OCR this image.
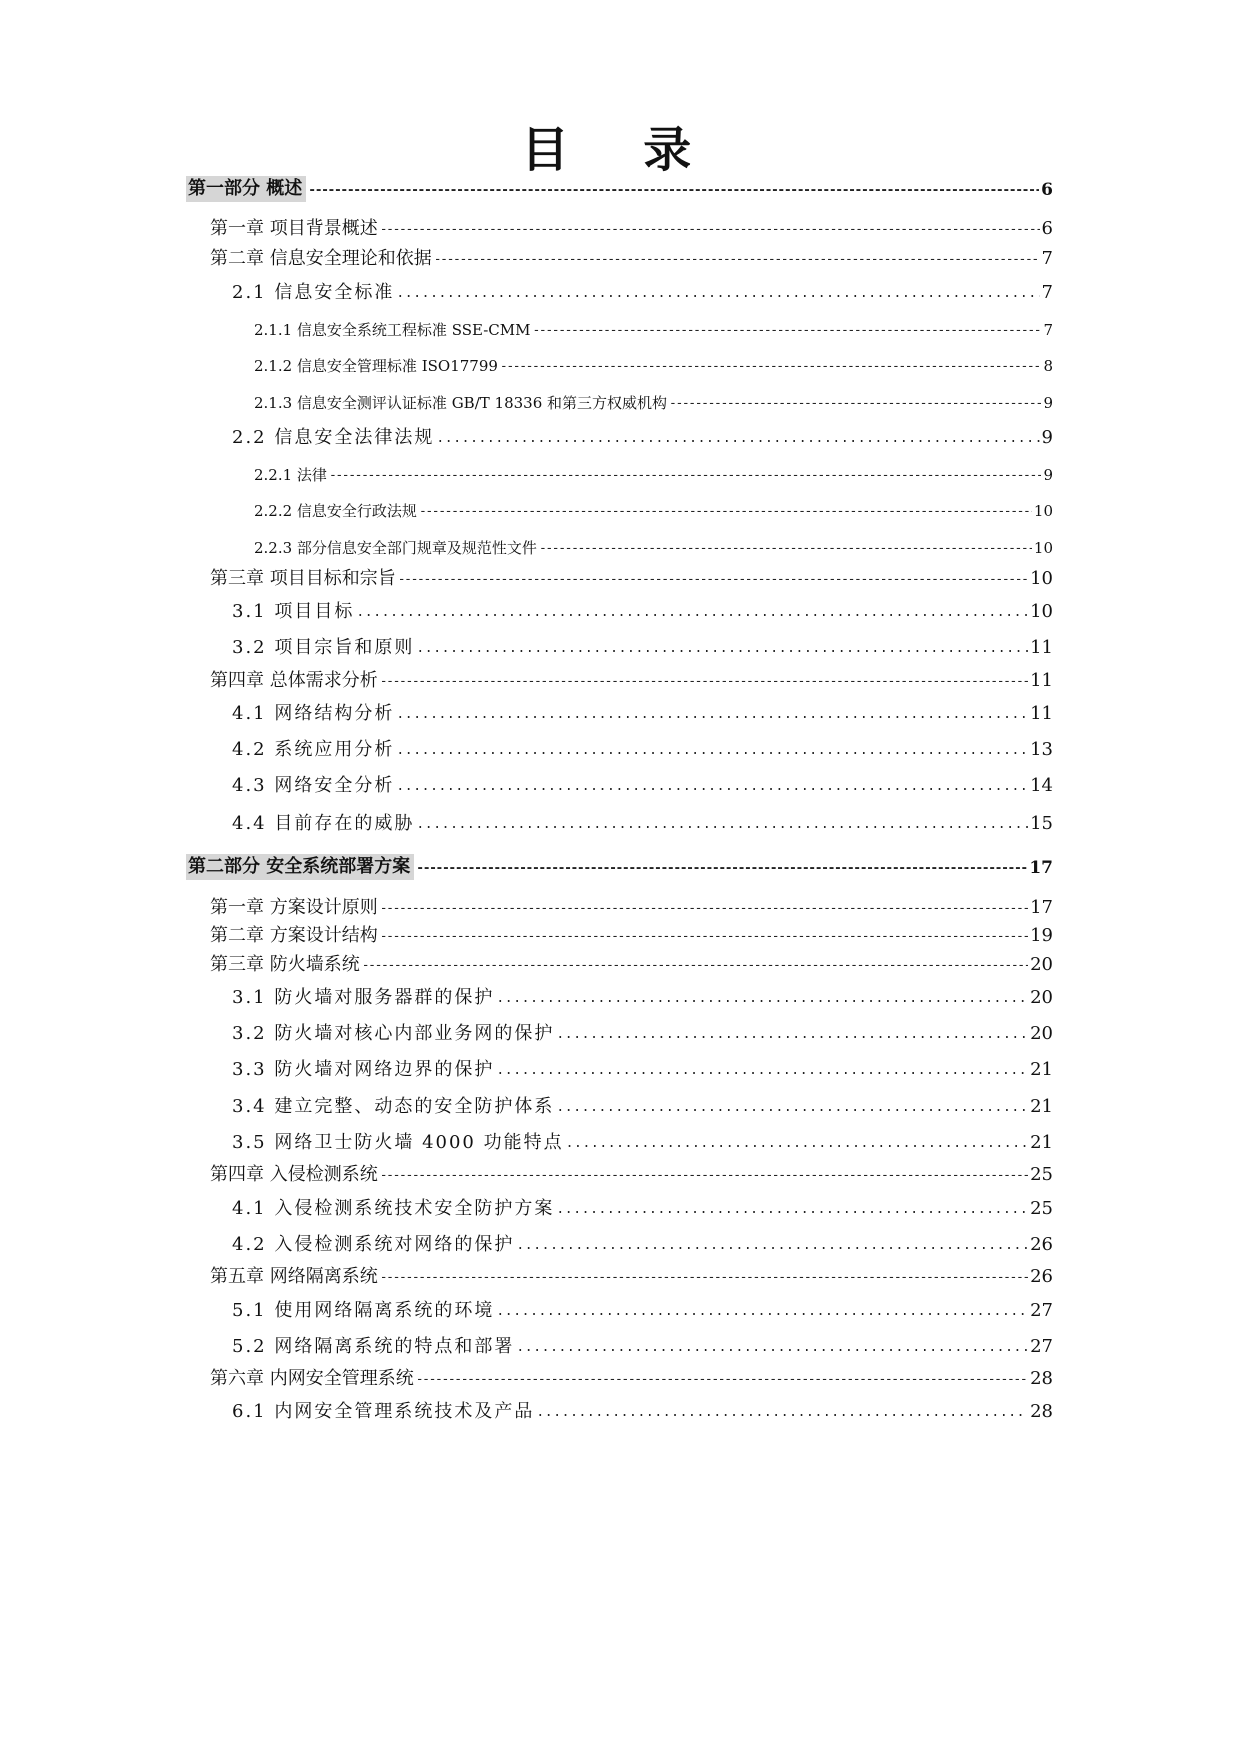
目 录
第一部分 概述 -----	6
第一章 项目背景概述 -----	6
第二章 信息安全理论和依据 -----	7
2.1 信息安全标准 .....	7
2.1.1 信息安全系统工程标准 SSE-CMM -----	7
2.1.2 信息安全管理标准 ISO17799 -----	8
2.1.3 信息安全测评认证标准 GB/T 18336 和第三方权威机构 -----	9
2.2 信息安全法律法规 .....	9
2.2.1 法律 -----	9
2.2.2 信息安全行政法规 -----	10
2.2.3 部分信息安全部门规章及规范性文件 -----	10
第三章 项目目标和宗旨 -----	10
3.1 项目目标 .....	10
3.2 项目宗旨和原则 .....	11
第四章 总体需求分析 -----	11
4.1 网络结构分析 .....	11
4.2 系统应用分析 .....	13
4.3 网络安全分析 .....	14
4.4 目前存在的威胁 .....	15
第二部分 安全系统部署方案 -----	17
第一章 方案设计原则 -----	17
第二章 方案设计结构 -----	19
第三章 防火墙系统 -----	20
3.1 防火墙对服务器群的保护 .....	20
3.2 防火墙对核心内部业务网的保护 .....	20
3.3 防火墙对网络边界的保护 .....	21
3.4 建立完整、动态的安全防护体系 .....	21
3.5 网络卫士防火墙 4000 功能特点 .....	21
第四章 入侵检测系统 -----	25
4.1 入侵检测系统技术安全防护方案 .....	25
4.2 入侵检测系统对网络的保护 .....	26
第五章 网络隔离系统 -----	26
5.1 使用网络隔离系统的环境 .....	27
5.2 网络隔离系统的特点和部署 .....	27
第六章 内网安全管理系统 -----	28
6.1 内网安全管理系统技术及产品 .....	28
